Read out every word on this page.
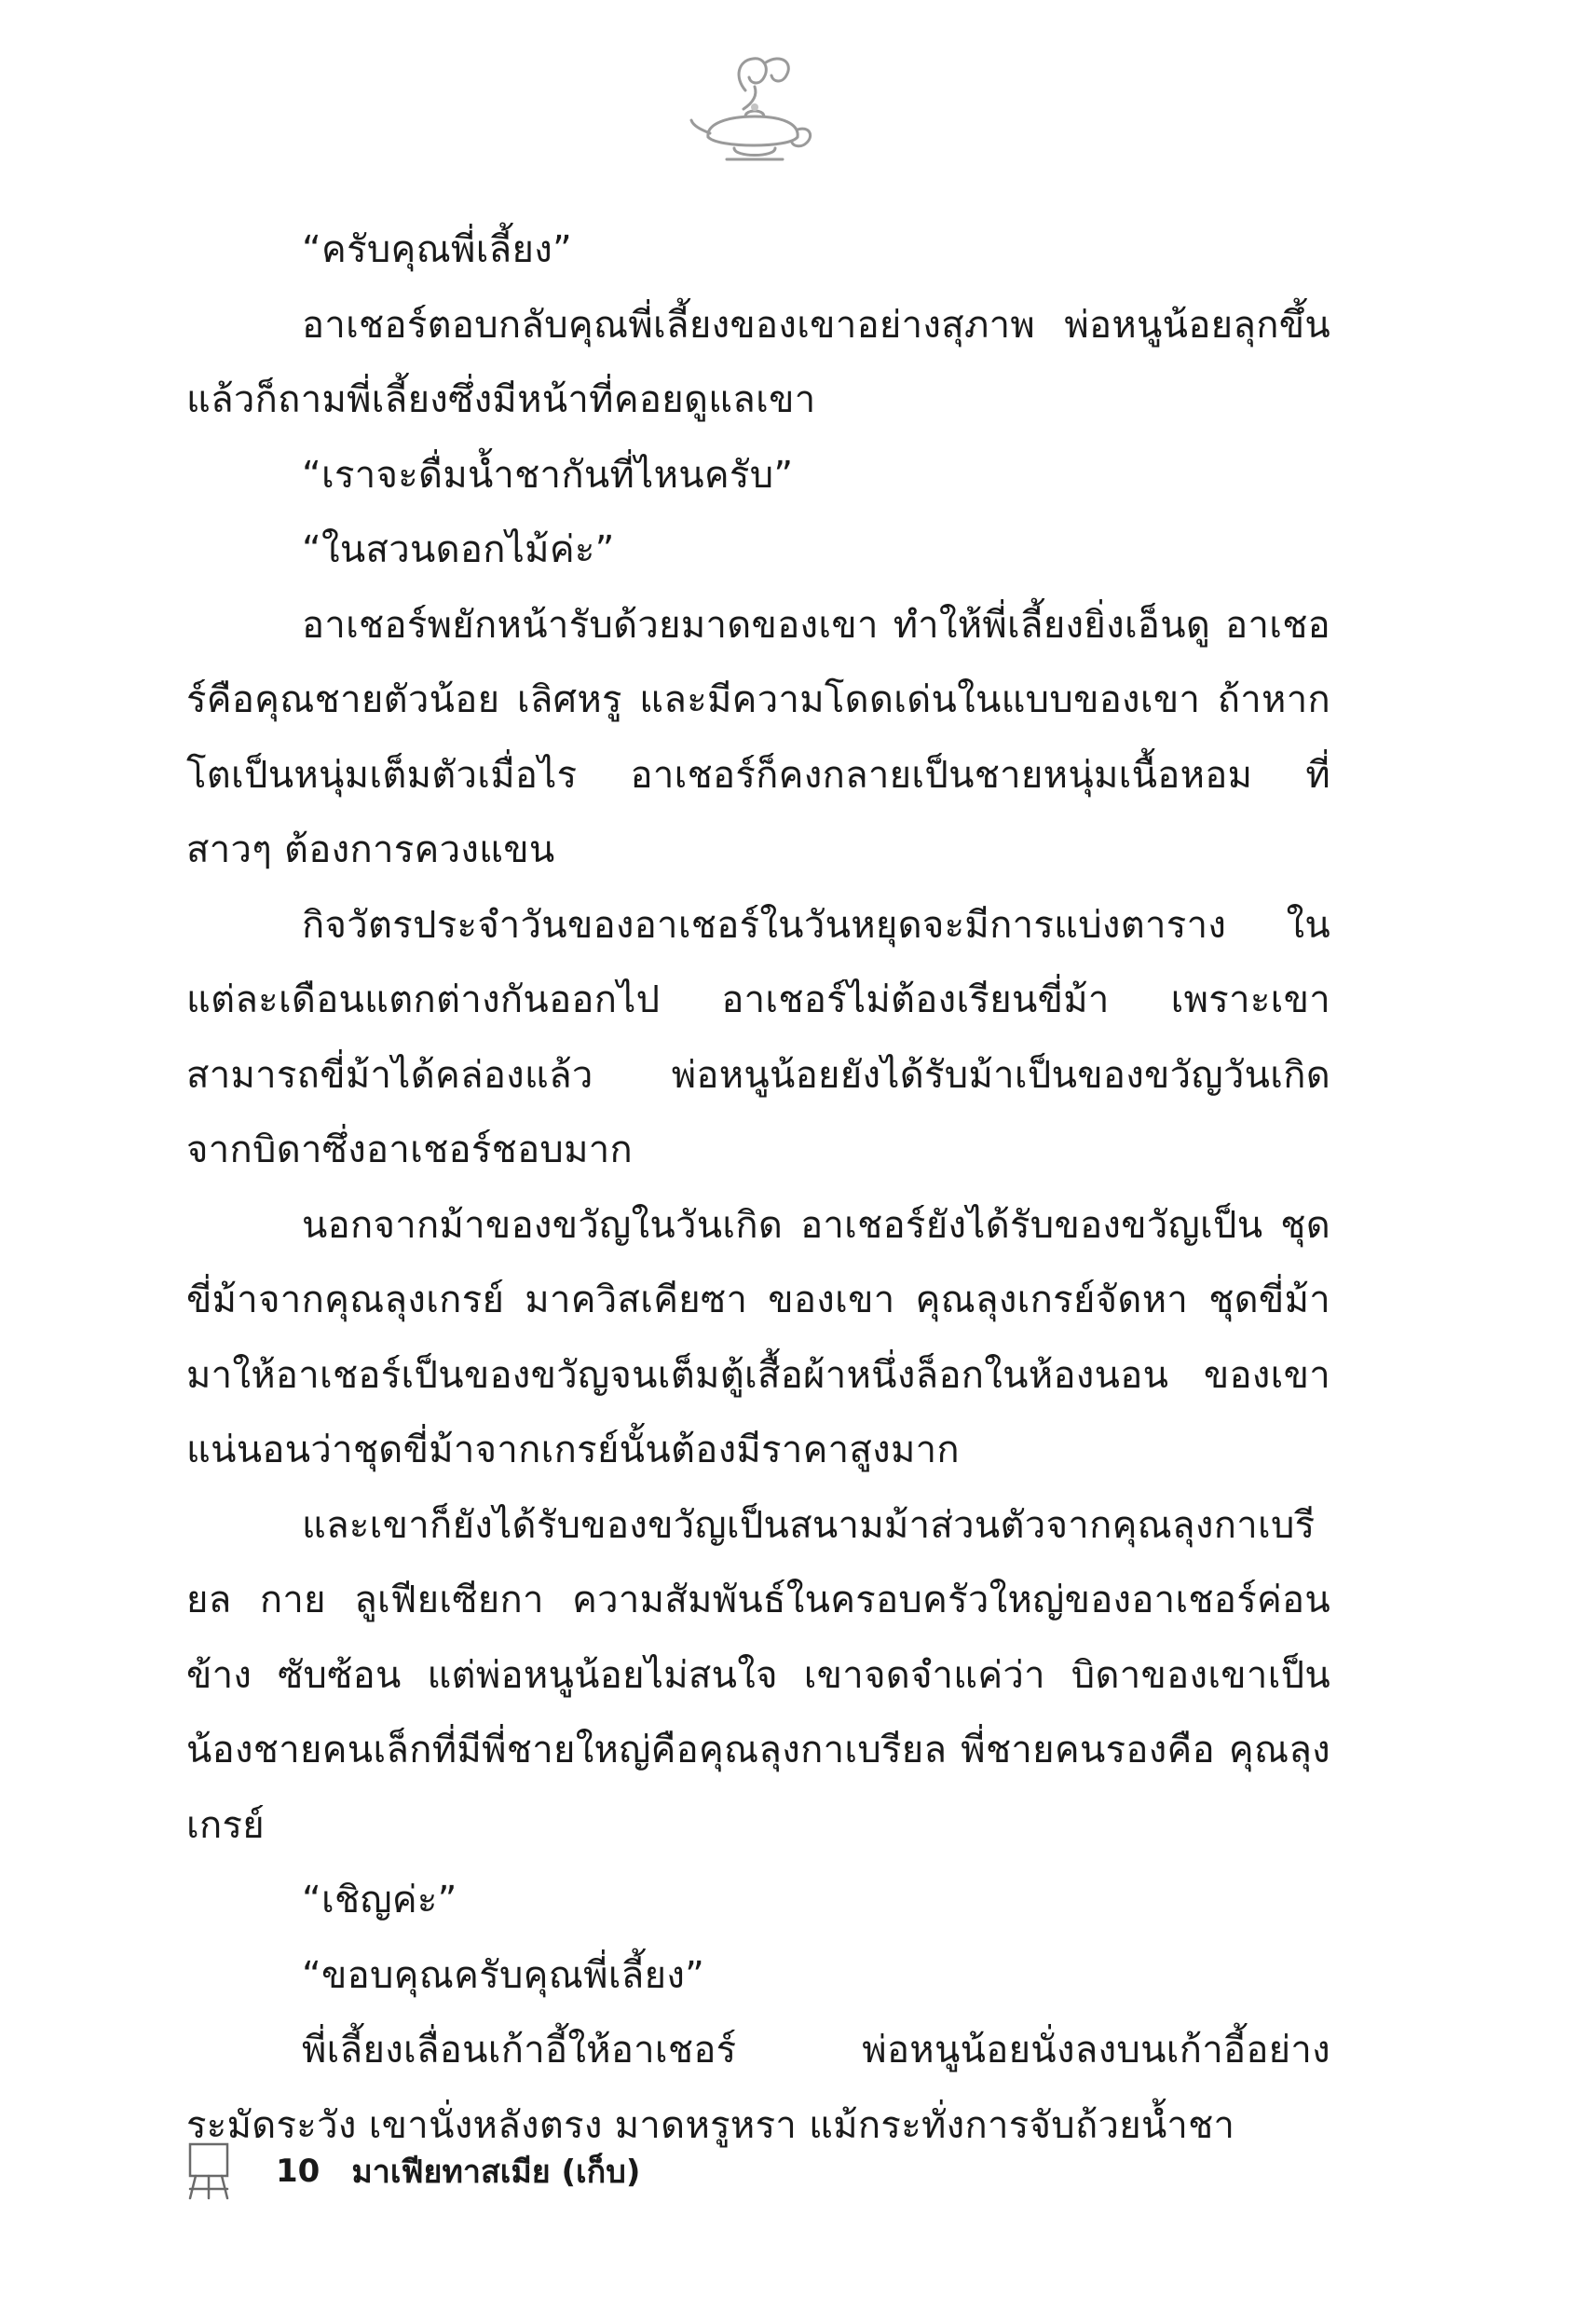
“ครับคุณพี่เลี้ยง”

อาเชอร์ตอบกลับคุณพี่เลี้ยงของเขาอย่างสุภาพ พ่อหนูน้อยลุกขึ้น แล้วก็ถามพี่เลี้ยงซึ่งมีหน้าที่คอยดูแลเขา

“เราจะดื่มน้ำชากันที่ไหนครับ”

“ในสวนดอกไม้ค่ะ”

อาเชอร์พยักหน้ารับด้วยมาดของเขา ทำให้พี่เลี้ยงยิ่งเอ็นดู อาเชอร์คือคุณชายตัวน้อย เลิศหรู และมีความโดดเด่นในแบบของเขา ถ้าหากโตเป็นหนุ่มเต็มตัวเมื่อไร อาเชอร์ก็คงกลายเป็นชายหนุ่มเนื้อหอม ที่สาวๆ ต้องการควงแขน

กิจวัตรประจำวันของอาเชอร์ในวันหยุดจะมีการแบ่งตาราง ในแต่ละเดือนแตกต่างกันออกไป อาเชอร์ไม่ต้องเรียนขี่ม้า เพราะเขา สามารถขี่ม้าได้คล่องแล้ว พ่อหนูน้อยยังได้รับม้าเป็นของขวัญวันเกิด จากบิดาซึ่งอาเชอร์ชอบมาก

นอกจากม้าของขวัญในวันเกิด อาเชอร์ยังได้รับของขวัญเป็น ชุดขี่ม้าจากคุณลุงเกรย์ มาควิสเคียซา ของเขา คุณลุงเกรย์จัดหา ชุดขี่ม้ามาให้อาเชอร์เป็นของขวัญจนเต็มตู้เสื้อผ้าหนึ่งล็อกในห้องนอน ของเขา แน่นอนว่าชุดขี่ม้าจากเกรย์นั้นต้องมีราคาสูงมาก

และเขาก็ยังได้รับของขวัญเป็นสนามม้าส่วนตัวจากคุณลุงกาเบรียล กาย ลูเฟียเซียกา ความสัมพันธ์ในครอบครัวใหญ่ของอาเชอร์ค่อนข้าง ซับซ้อน แต่พ่อหนูน้อยไม่สนใจ เขาจดจำแค่ว่า บิดาของเขาเป็น น้องชายคนเล็กที่มีพี่ชายใหญ่คือคุณลุงกาเบรียล พี่ชายคนรองคือ คุณลุงเกรย์

“เชิญค่ะ”

“ขอบคุณครับคุณพี่เลี้ยง”

พี่เลี้ยงเลื่อนเก้าอี้ให้อาเชอร์ พ่อหนูน้อยนั่งลงบนเก้าอี้อย่าง ระมัดระวัง เขานั่งหลังตรง มาดหรูหรา แม้กระทั่งการจับถ้วยน้ำชา

10 มาเฟียทาสเมีย (เก็บ)
